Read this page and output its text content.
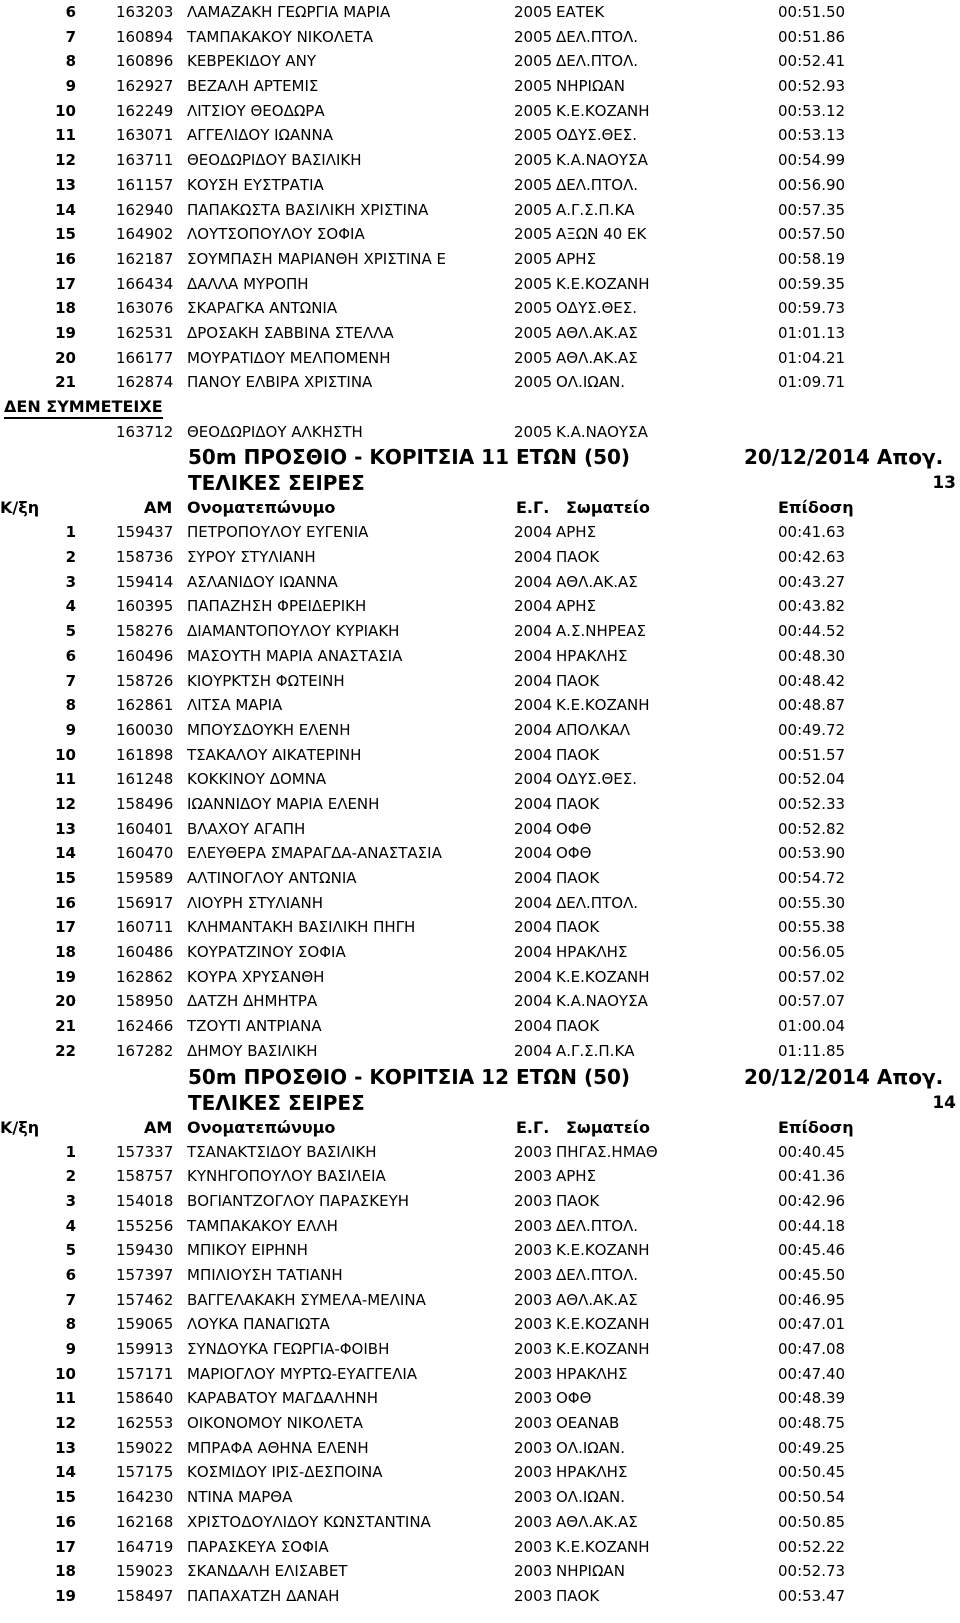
6	163203 ΛΑΜΑΖΑΚΗ ΓΕΩΡΓΙΑ ΜΑΡΙΑ	2005 ΕΑΤΕΚ	00:51.50
7	160894 ΤΑΜΠΑΚΑΚΟΥ ΝΙΚΟΛΕΤΑ	2005 ΔΕΛ.ΠΤΟΛ.	00:51.86
8	160896 ΚΕΒΡΕΚΙΔΟΥ ΑΝΥ	2005 ΔΕΛ.ΠΤΟΛ.	00:52.41
9	162927 ΒΕΖΑΛΗ ΑΡΤΕΜΙΣ	2005 ΝΗΡΙΩΑΝ	00:52.93
10	162249 ΛΙΤΣΙΟΥ ΘΕΟΔΩΡΑ	2005 Κ.Ε.ΚΟΖΑΝΗ	00:53.12
11	163071 ΑΓΓΕΛΙΔΟΥ ΙΩΑΝΝΑ	2005 ΟΔΥΣ.ΘΕΣ.	00:53.13
12	163711 ΘΕΟΔΩΡΙΔΟΥ ΒΑΣΙΛΙΚΗ	2005 Κ.Α.ΝΑΟΥΣΑ	00:54.99
13	161157 ΚΟΥΣΗ ΕΥΣΤΡΑΤΙΑ	2005 ΔΕΛ.ΠΤΟΛ.	00:56.90
14	162940 ΠΑΠΑΚΩΣΤΑ ΒΑΣΙΛΙΚΗ ΧΡΙΣΤΙΝΑ	2005 Α.Γ.Σ.Π.ΚΑ	00:57.35
15	164902 ΛΟΥΤΣΟΠΟΥΛΟΥ ΣΟΦΙΑ	2005 ΑΞΩΝ 40 ΕΚ	00:57.50
16	162187 ΣΟΥΜΠΑΣΗ ΜΑΡΙΑΝΘΗ ΧΡΙΣΤΙΝΑ Ε	2005 ΑΡΗΣ	00:58.19
17	166434 ΔΑΛΛΑ ΜΥΡΟΠΗ	2005 Κ.Ε.ΚΟΖΑΝΗ	00:59.35
18	163076 ΣΚΑΡΑΓΚΑ ΑΝΤΩΝΙΑ	2005 ΟΔΥΣ.ΘΕΣ.	00:59.73
19	162531 ΔΡΟΣΑΚΗ ΣΑΒΒΙΝΑ ΣΤΕΛΛΑ	2005 ΑΘΛ.ΑΚ.ΑΣ	01:01.13
20	166177 ΜΟΥΡΑΤΙΔΟΥ ΜΕΛΠΟΜΕΝΗ	2005 ΑΘΛ.ΑΚ.ΑΣ	01:04.21
21	162874 ΠΑΝΟΥ ΕΛΒΙΡΑ ΧΡΙΣΤΙΝΑ	2005 ΟΛ.ΙΩΑΝ.	01:09.71
ΔΕΝ ΣΥΜΜΕΤΕΙΧΕ
163712 ΘΕΟΔΩΡΙΔΟΥ ΑΛΚΗΣΤΗ	2005 Κ.Α.ΝΑΟΥΣΑ
50m ΠΡΟΣΘΙΟ - ΚΟΡΙΤΣΙΑ 11 ΕΤΩΝ (50)	20/12/2014 Απογ.
ΤΕΛΙΚΕΣ ΣΕΙΡΕΣ	13
Κ/ξη	ΑΜ Ονοματεπώνυμο	Ε.Γ. Σωματείο	Επίδοση
1	159437 ΠΕΤΡΟΠΟΥΛΟΥ ΕΥΓΕΝΙΑ	2004 ΑΡΗΣ	00:41.63
2	158736 ΣΥΡΟΥ ΣΤΥΛΙΑΝΗ	2004 ΠΑΟΚ	00:42.63
3	159414 ΑΣΛΑΝΙΔΟΥ ΙΩΑΝΝΑ	2004 ΑΘΛ.ΑΚ.ΑΣ	00:43.27
4	160395 ΠΑΠΑΖΗΣΗ ΦΡΕΙΔΕΡΙΚΗ	2004 ΑΡΗΣ	00:43.82
5	158276 ΔΙΑΜΑΝΤΟΠΟΥΛΟΥ ΚΥΡΙΑΚΗ	2004 Α.Σ.ΝΗΡΕΑΣ	00:44.52
6	160496 ΜΑΣΟΥΤΗ ΜΑΡΙΑ ΑΝΑΣΤΑΣΙΑ	2004 ΗΡΑΚΛΗΣ	00:48.30
7	158726 ΚΙΟΥΡΚΤΣΗ ΦΩΤΕΙΝΗ	2004 ΠΑΟΚ	00:48.42
8	162861 ΛΙΤΣΑ ΜΑΡΙΑ	2004 Κ.Ε.ΚΟΖΑΝΗ	00:48.87
9	160030 ΜΠΟΥΣΔΟΥΚΗ ΕΛΕΝΗ	2004 ΑΠΟΛΚΑΛ	00:49.72
10	161898 ΤΣΑΚΑΛΟΥ ΑΙΚΑΤΕΡΙΝΗ	2004 ΠΑΟΚ	00:51.57
11	161248 ΚΟΚΚΙΝΟΥ ΔΟΜΝΑ	2004 ΟΔΥΣ.ΘΕΣ.	00:52.04
12	158496 ΙΩΑΝΝΙΔΟΥ ΜΑΡΙΑ ΕΛΕΝΗ	2004 ΠΑΟΚ	00:52.33
13	160401 ΒΛΑΧΟΥ ΑΓΑΠΗ	2004 ΟΦΘ	00:52.82
14	160470 ΕΛΕΥΘΕΡΑ ΣΜΑΡΑΓΔΑ-ΑΝΑΣΤΑΣΙΑ	2004 ΟΦΘ	00:53.90
15	159589 ΑΛΤΙΝΟΓΛΟΥ ΑΝΤΩΝΙΑ	2004 ΠΑΟΚ	00:54.72
16	156917 ΛΙΟΥΡΗ ΣΤΥΛΙΑΝΗ	2004 ΔΕΛ.ΠΤΟΛ.	00:55.30
17	160711 ΚΛΗΜΑΝΤΑΚΗ ΒΑΣΙΛΙΚΗ ΠΗΓΗ	2004 ΠΑΟΚ	00:55.38
18	160486 ΚΟΥΡΑΤΖΙΝΟΥ ΣΟΦΙΑ	2004 ΗΡΑΚΛΗΣ	00:56.05
19	162862 ΚΟΥΡΑ ΧΡΥΣΑΝΘΗ	2004 Κ.Ε.ΚΟΖΑΝΗ	00:57.02
20	158950 ΔΑΤΖΗ ΔΗΜΗΤΡΑ	2004 Κ.Α.ΝΑΟΥΣΑ	00:57.07
21	162466 ΤΖΟΥΤΙ ΑΝΤΡΙΑΝΑ	2004 ΠΑΟΚ	01:00.04
22	167282 ΔΗΜΟΥ ΒΑΣΙΛΙΚΗ	2004 Α.Γ.Σ.Π.ΚΑ	01:11.85
50m ΠΡΟΣΘΙΟ - ΚΟΡΙΤΣΙΑ 12 ΕΤΩΝ (50)	20/12/2014 Απογ.
ΤΕΛΙΚΕΣ ΣΕΙΡΕΣ	14
Κ/ξη	ΑΜ Ονοματεπώνυμο	Ε.Γ. Σωματείο	Επίδοση
1	157337 ΤΣΑΝΑΚΤΣΙΔΟΥ ΒΑΣΙΛΙΚΗ	2003 ΠΗΓΑΣ.ΗΜΑΘ	00:40.45
2	158757 ΚΥΝΗΓΟΠΟΥΛΟΥ ΒΑΣΙΛΕΙΑ	2003 ΑΡΗΣ	00:41.36
3	154018 ΒΟΓΙΑΝΤΖΟΓΛΟΥ ΠΑΡΑΣΚΕΥΗ	2003 ΠΑΟΚ	00:42.96
4	155256 ΤΑΜΠΑΚΑΚΟΥ ΕΛΛΗ	2003 ΔΕΛ.ΠΤΟΛ.	00:44.18
5	159430 ΜΠΙΚΟΥ ΕΙΡΗΝΗ	2003 Κ.Ε.ΚΟΖΑΝΗ	00:45.46
6	157397 ΜΠΙΛΙΟΥΣΗ ΤΑΤΙΑΝΗ	2003 ΔΕΛ.ΠΤΟΛ.	00:45.50
7	157462 ΒΑΓΓΕΛΑΚΑΚΗ ΣΥΜΕΛΑ-ΜΕΛΙΝΑ	2003 ΑΘΛ.ΑΚ.ΑΣ	00:46.95
8	159065 ΛΟΥΚΑ ΠΑΝΑΓΙΩΤΑ	2003 Κ.Ε.ΚΟΖΑΝΗ	00:47.01
9	159913 ΣΥΝΔΟΥΚΑ ΓΕΩΡΓΙΑ-ΦΟΙΒΗ	2003 Κ.Ε.ΚΟΖΑΝΗ	00:47.08
10	157171 ΜΑΡΙΟΓΛΟΥ ΜΥΡΤΩ-ΕΥΑΓΓΕΛΙΑ	2003 ΗΡΑΚΛΗΣ	00:47.40
11	158640 ΚΑΡΑΒΑΤΟΥ ΜΑΓΔΑΛΗΝΗ	2003 ΟΦΘ	00:48.39
12	162553 ΟΙΚΟΝΟΜΟΥ ΝΙΚΟΛΕΤΑ	2003 ΟΕΑΝΑΒ	00:48.75
13	159022 ΜΠΡΑΦΑ ΑΘΗΝΑ ΕΛΕΝΗ	2003 ΟΛ.ΙΩΑΝ.	00:49.25
14	157175 ΚΟΣΜΙΔΟΥ ΙΡΙΣ-ΔΕΣΠΟΙΝΑ	2003 ΗΡΑΚΛΗΣ	00:50.45
15	164230 ΝΤΙΝΑ ΜΑΡΘΑ	2003 ΟΛ.ΙΩΑΝ.	00:50.54
16	162168 ΧΡΙΣΤΟΔΟΥΛΙΔΟΥ ΚΩΝΣΤΑΝΤΙΝΑ	2003 ΑΘΛ.ΑΚ.ΑΣ	00:50.85
17	164719 ΠΑΡΑΣΚΕΥΑ ΣΟΦΙΑ	2003 Κ.Ε.ΚΟΖΑΝΗ	00:52.22
18	159023 ΣΚΑΝΔΑΛΗ ΕΛΙΣΑΒΕΤ	2003 ΝΗΡΙΩΑΝ	00:52.73
19	158497 ΠΑΠΑΧΑΤΖΗ ΔΑΝΑΗ	2003 ΠΑΟΚ	00:53.47
